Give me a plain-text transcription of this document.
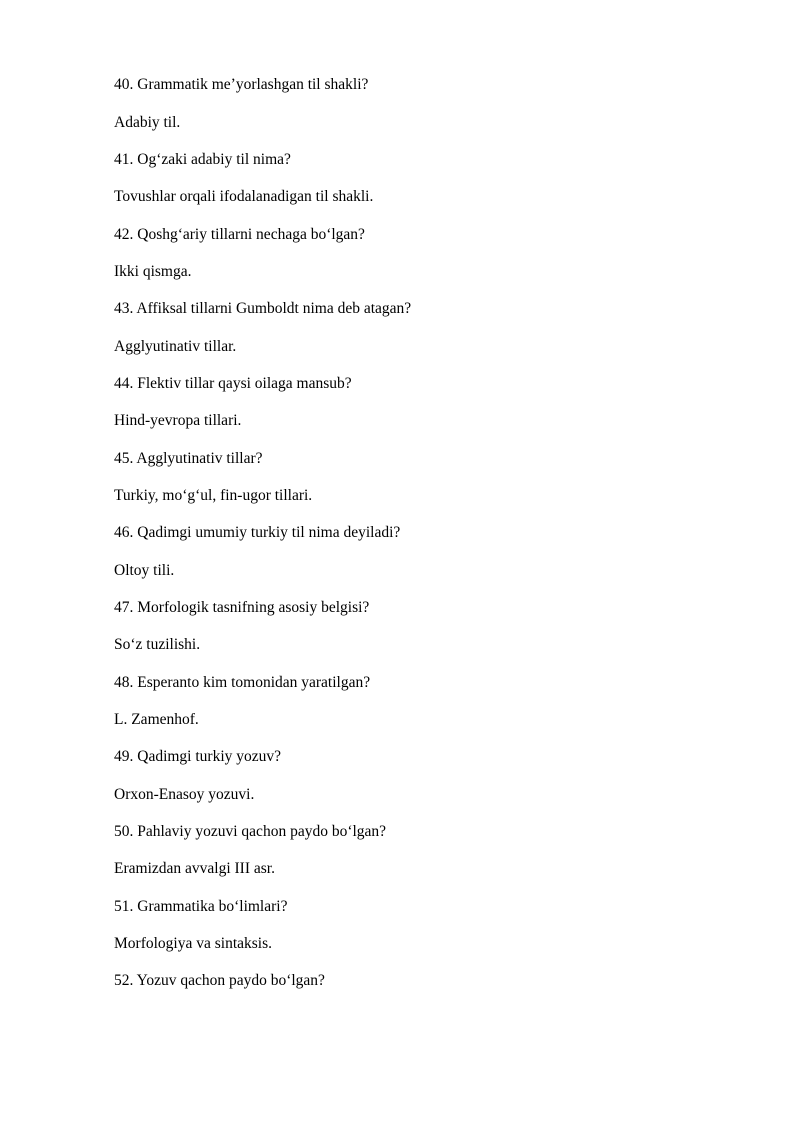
40. Grammatik me’yorlashgan til shakli?
Adabiy til.
41. Og‘zaki adabiy til nima?
Tovushlar orqali ifodalanadigan til shakli.
42. Qoshg‘ariy tillarni nechaga bo‘lgan?
Ikki qismga.
43. Affiksal tillarni Gumboldt nima deb atagan?
Agglyutinativ tillar.
44. Flektiv tillar qaysi oilaga mansub?
Hind-yevropa tillari.
45. Agglyutinativ tillar?
Turkiy, mo‘g‘ul, fin-ugor tillari.
46. Qadimgi umumiy turkiy til nima deyiladi?
Oltoy tili.
47. Morfologik tasnifning asosiy belgisi?
So‘z tuzilishi.
48. Esperanto kim tomonidan yaratilgan?
L. Zamenhof.
49. Qadimgi turkiy yozuv?
Orxon-Enasoy yozuvi.
50. Pahlaviy yozuvi qachon paydo bo‘lgan?
Eramizdan avvalgi III asr.
51. Grammatika bo‘limlari?
Morfologiya va sintaksis.
52. Yozuv qachon paydo bo‘lgan?
